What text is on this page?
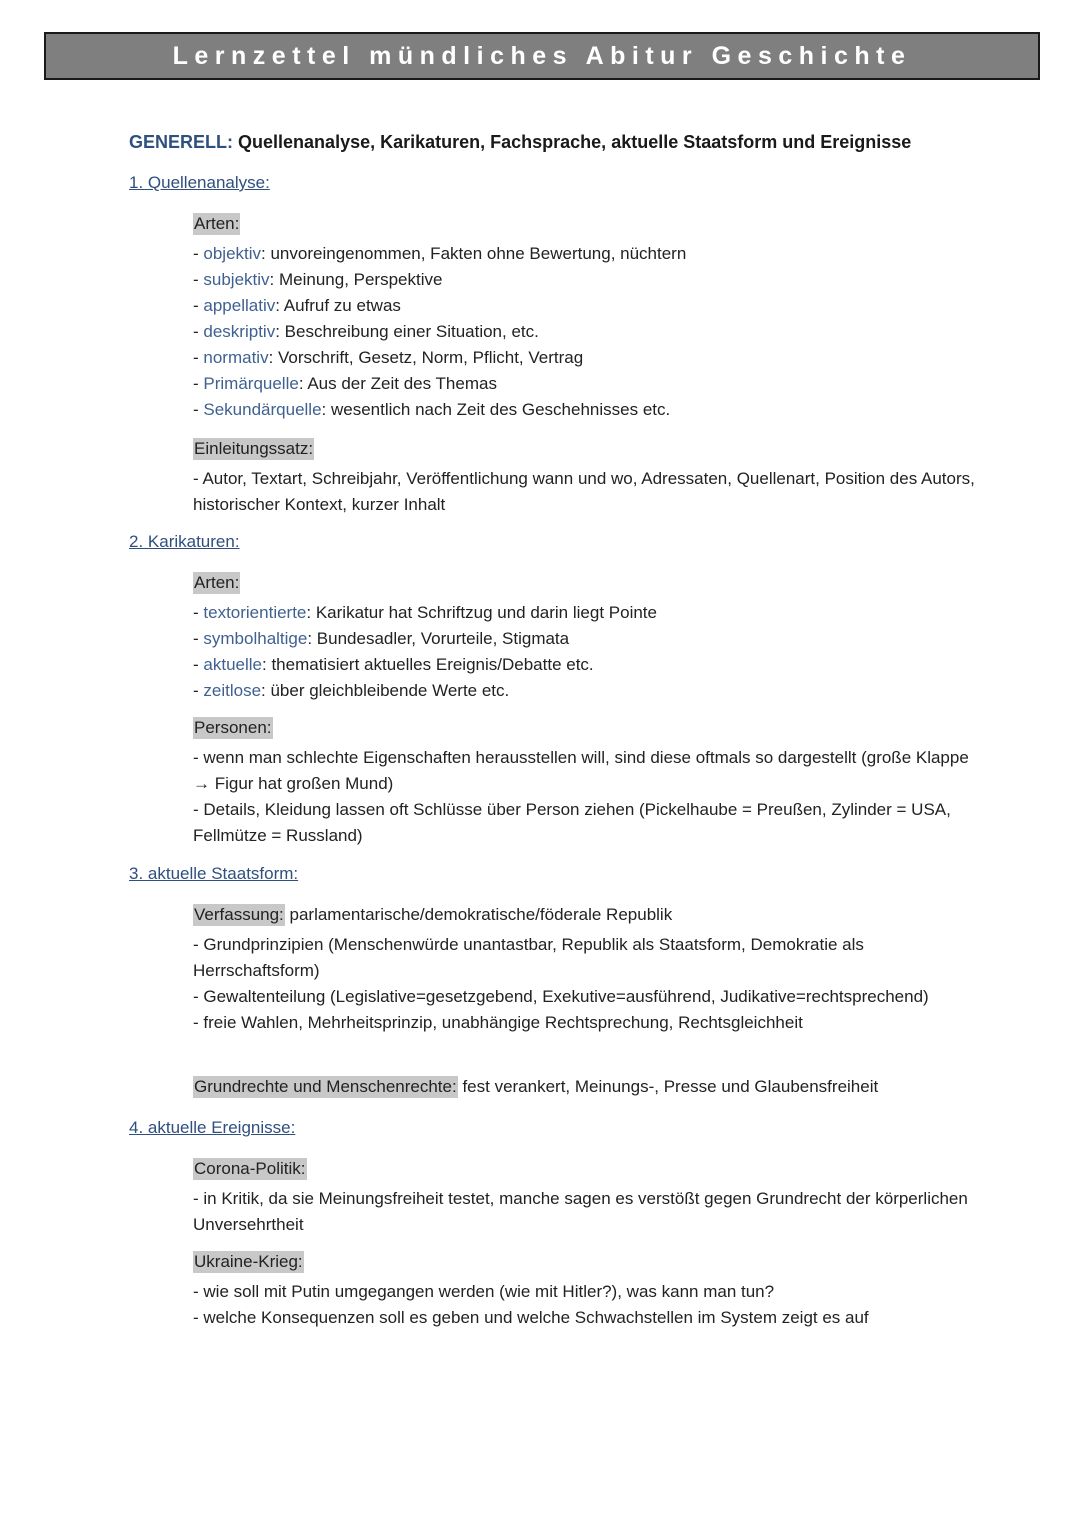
Lernzettel mündliches Abitur Geschichte
GENERELL: Quellenanalyse, Karikaturen, Fachsprache, aktuelle Staatsform und Ereignisse
1. Quellenanalyse:
Arten:
- objektiv: unvoreingenommen, Fakten ohne Bewertung, nüchtern
- subjektiv: Meinung, Perspektive
- appellativ: Aufruf zu etwas
- deskriptiv: Beschreibung einer Situation, etc.
- normativ: Vorschrift, Gesetz, Norm, Pflicht, Vertrag
- Primärquelle: Aus der Zeit des Themas
- Sekundärquelle: wesentlich nach Zeit des Geschehnisses etc.
Einleitungssatz:
- Autor, Textart, Schreibjahr, Veröffentlichung wann und wo, Adressaten, Quellenart, Position des Autors, historischer Kontext, kurzer Inhalt
2. Karikaturen:
Arten:
- textorientierte: Karikatur hat Schriftzug und darin liegt Pointe
- symbolhaltige: Bundesadler, Vorurteile, Stigmata
- aktuelle: thematisiert aktuelles Ereignis/Debatte etc.
- zeitlose: über gleichbleibende Werte etc.
Personen:
- wenn man schlechte Eigenschaften herausstellen will, sind diese oftmals so dargestellt (große Klappe → Figur hat großen Mund)
- Details, Kleidung lassen oft Schlüsse über Person ziehen (Pickelhaube = Preußen, Zylinder = USA, Fellmütze = Russland)
3. aktuelle Staatsform:
Verfassung: parlamentarische/demokratische/föderale Republik
- Grundprinzipien (Menschenwürde unantastbar, Republik als Staatsform, Demokratie als Herrschaftsform)
- Gewaltenteilung (Legislative=gesetzgebend, Exekutive=ausführend, Judikative=rechtsprechend)
- freie Wahlen, Mehrheitsprinzip, unabhängige Rechtsprechung, Rechtsgleichheit
Grundrechte und Menschenrechte: fest verankert, Meinungs-, Presse und Glaubensfreiheit
4. aktuelle Ereignisse:
Corona-Politik:
- in Kritik, da sie Meinungsfreiheit testet, manche sagen es verstößt gegen Grundrecht der körperlichen Unversehrtheit
Ukraine-Krieg:
- wie soll mit Putin umgegangen werden (wie mit Hitler?), was kann man tun?
- welche Konsequenzen soll es geben und welche Schwachstellen im System zeigt es auf
